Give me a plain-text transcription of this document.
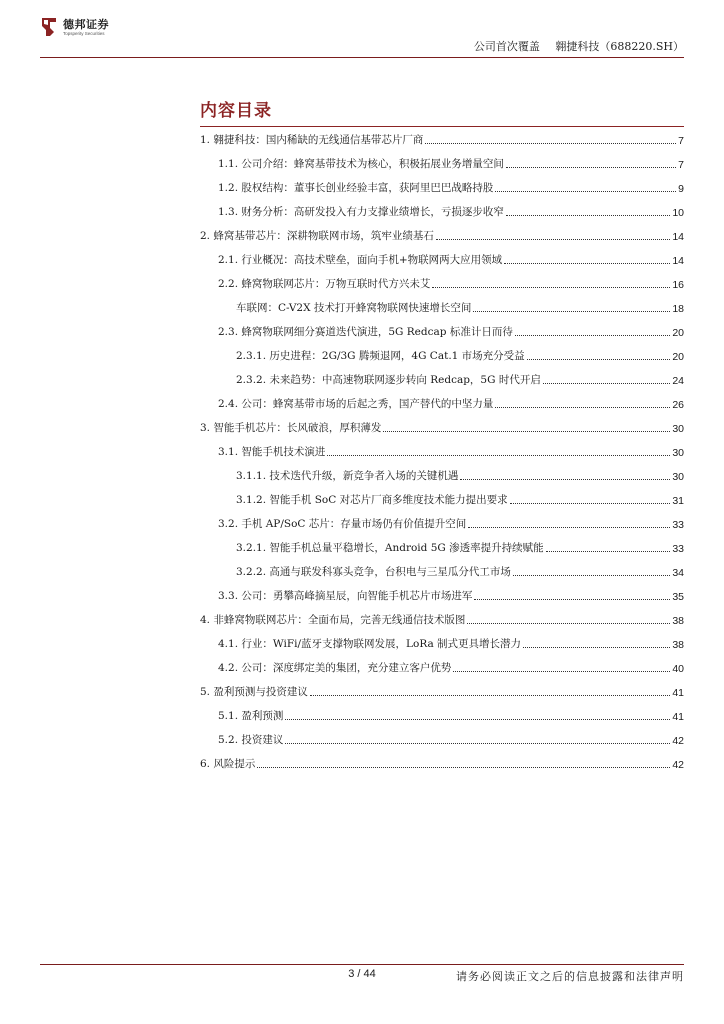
德邦证券
Topsperity Securities
公司首次覆盖 翱捷科技（688220.SH）
内容目录
1. 翱捷科技：国内稀缺的无线通信基带芯片厂商	7
1.1. 公司介绍：蜂窝基带技术为核心，积极拓展业务增量空间	7
1.2. 股权结构：董事长创业经验丰富，获阿里巴巴战略持股	9
1.3. 财务分析：高研发投入有力支撑业绩增长，亏损逐步收窄	10
2. 蜂窝基带芯片：深耕物联网市场，筑牢业绩基石	14
2.1. 行业概况：高技术壁垒，面向手机+物联网两大应用领域	14
2.2. 蜂窝物联网芯片：万物互联时代方兴未艾	16
车联网：C-V2X 技术打开蜂窝物联网快速增长空间	18
2.3. 蜂窝物联网细分赛道迭代演进，5G Redcap 标准计日而待	20
2.3.1. 历史进程：2G/3G 腾频退网，4G Cat.1 市场充分受益	20
2.3.2. 未来趋势：中高速物联网逐步转向 Redcap，5G 时代开启	24
2.4. 公司：蜂窝基带市场的后起之秀，国产替代的中坚力量	26
3. 智能手机芯片：长风破浪，厚积薄发	30
3.1. 智能手机技术演进	30
3.1.1. 技术迭代升级，新竞争者入场的关键机遇	30
3.1.2. 智能手机 SoC 对芯片厂商多维度技术能力提出要求	31
3.2. 手机 AP/SoC 芯片：存量市场仍有价值提升空间	33
3.2.1. 智能手机总量平稳增长，Android 5G 渗透率提升持续赋能	33
3.2.2. 高通与联发科寡头竞争，台积电与三星瓜分代工市场	34
3.3. 公司：勇攀高峰摘星辰，向智能手机芯片市场进军	35
4. 非蜂窝物联网芯片：全面布局，完善无线通信技术版图	38
4.1. 行业：WiFi/蓝牙支撑物联网发展，LoRa 制式更具增长潜力	38
4.2. 公司：深度绑定美的集团，充分建立客户优势	40
5. 盈利预测与投资建议	41
5.1. 盈利预测	41
5.2. 投资建议	42
6. 风险提示	42
3 / 44	请务必阅读正文之后的信息披露和法律声明
